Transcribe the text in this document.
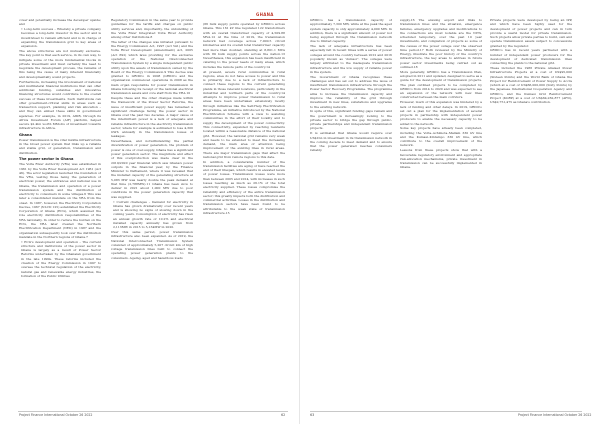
GHANA

cover and potentially increase the developer upside; and

• Long-term success – Whereby a private company becomes a long-term investor in the sector and is incentivised to remain efficient and is in charge of expanding the transmission grid to key areas of expansion.

The above structures are not mutually exclusive. The key point is that each service, in its own way, to mitigate some of the more fundamental blocks in private investment and must certainly the need to negotiate the development process, the remains of this being the cause of many inherent financially and developmentally sound projects.

Furthermore, increasing the involvement of national and multilateral financial institutions that can offer additional funding, subsidies and innovative financing structures would contribute to the overall success of these investments. Such institutions can offer government-critical skills in areas such as transaction support, planning and risk allocation – and they can embed these skills in government agencies. For example, in 2019, AfDB, through its Africa Investment Forum (AIF) platform, helped secure $2.4bn worth MMoUs of investment towards infrastructure in Africa.

Ghana

Power transmission is the vital middle infrastructure in the broad power system that links up a reliable and stable grid, or generation, transmission and distribution.

The power sector in Ghana

The Volta River Authority (VRA) was established in 1961 by the Volta River Development Act 1961 (Act 46). The actor legislation launched the foundation of the VRA, vesting those being the generation of electrical power, the entrances and national use in Ghana, the transmission and operation of a power transmission system and the distribution of electricity to consumers in some villages.6 This was later a consolidated mandate on the VRA from the onset. In 1987, however, the Electricity Corporation Decree, 1967 (NLCD 125) established the Electricity Corporation of Ghana (ECG), which assumed the role electricity distribution responsibilities of the VRA nationally. In order to reduce the burden on the ECG, the VRA later created the Northern Electrification Department (NED) in 1987 and the organisation subsequently took over the distribution mandate in the Northern regions of Ghana.7

• ECG's development and operation – The current structure and institutions of the power sector in Ghana is largely as a result of Power Sector Reforms undertaken by the Ghanaian government in the late 1990s. These reforms included the creation of the Energy Commission in 1997 to oversee the technical regulation of the electricity, natural gas and renewable energy industries, the formation of the Public Utilities

Regulatory Commission in the same year to provide guidelines for the tariffs and charges on public utility services and, importantly, the unbundling of the Volta River Integrated Volta River Authority among other Institutions.8

The latter of the changes was initiated pursuant to the Energy Commission Act, 1997 (Act 541) and the Volta River Development (Amendment) Act, 2005 (Act 692) which laws providing for the exclusive operation of the National Interconnected Transmission System by a single independent public utility upon the assets of transmission owned by the Board of the Energy Commission.9 This decree was granted to GRIDCo in 2008 (GRIDCo and the organisation commenced operations in 2008 as the main organ responsible for power transmission in Ghana following its receipt of the national electrical transmission assets and core staff from the VRA.10

Despite these and the other changes made within the framework of the Power Sector Reforms, the issue of insufficient power supply has remained a significant challenge facing the power sector in Ghana over the past two decades. A major cause of the intermittent power is a lack of adequate and reliable infrastructure in the electricity transmission sector, where for example is estimated to lose 4,300 GWh annually in the transmission losses of leakages.

Nevertheless, and notwithstanding the partial diversification of power generation, the problem of power is one of over-supply, Ghana has a significant power generation sector. The magnitude and effect of this overproduction was made clear in the 2019/2020 year financial which saw Ghana's power outputs in the financial year, by the Finance Minister to Parliament, where it was revealed that the installed capacity of the generating structure at 5,083 MW was nearly double the peak demand at that time (2,788MW).11 Ghana has been slow to deliver in 2021 about 1,000 MW due to poor conditions in the power generation capacity that was supplied.

• Current challenges – Demand for electricity in Ghana has grown dramatically over recent years and is showing no signs of slowing down in the coming years. Consumption of electricity has risen an annual growth rate of 10.2% and electrical installed capacity annually has grown from 2,113MW in 2015 to 5,134MW in 2020.

Over this same period, power transmission infrastructure also been expanded. As of 2019, the National Interconnected Transmission System consisted of approximately 5,207 circuit km of high voltage transmission lines built to connect the operating power generation plants to the consumers. Ageing, aged and hazardous loads

(66 bulk supply points operated by GRIDCo across Ghana. This 161 kV line regulated 122 transformers with an overall transformer capacity of 4,509.88 MVA.12 At the time of 2019, the transmission network had coverage across 7,000.5 circuit kilometres and its overall total transformer capacity had more than doubled, standing at 8,801.1 MVA with 89 bulk supply points across the nation.13 Nevertheless, this expansion has been insufficient in catering to the power needs of many areas, which includes the remote parts of the country.14

At present, severe rural communities in rural regions, area do not have access to power and this is primarily due to a lack of infrastructure to connect these regions to the current generating plants in those relevant locations, particularly in the industrial and northern parts of the country.14 Attempts to improve power transmission to rural areas have been undertaken extensively mostly through initiatives like the Self-Help Electrification Programme, an initiative introduced by the National Electrification Scheme with a view to assisting communities in the effort of their locality and to supply the development of the power connectivity. This connectivity, expanded by reaching residents located within a reasonable distance of the national grid. However, the national grid remains very weak and needs to be extended to meet the increasing demand, the main area of attention being improvement of the existing lines in rural areas. There are major transmission gaps that affect the national grid from remote regions to this date.

In addition, a considerable number of the transmission facilities are aging or have reached the end of their lifespan, which results in elevated levels of power losses. Transmission losses were more than between 2005 and 2014, with increases in such losses reaching as much as 26.1% of the total electricity supplied. These losses compromise the reliability and efficiency of the entire transmission sector; this greatly impacts both the distribution and commercial activities. Losses in the distribution and transmission sectors have been found to be attributable to the weak state of transmission infrastructure.15

Project Finance International October 26 2022	62

GRIDCo has a transmission capacity of approximately 7,300 MW, while at the peak the aged system capacity is only approximately 4,000 MW. In addition, there is a significant amount of power not being supplied through the transmission network due to limited capacity.

The lack of adequate infrastructure has been especially felt in recent times with a series of power outages around the country between 2012 and 2016 popularly known as 'dumsor'. The outages were largely attributed to the inadequate transmission infrastructure and the low supply of reliable power in the system.

The Government of Ghana recognises these challenges and has set out to address the issue of insufficient transmission infrastructure through the Power Sector Recovery Programme. The programme aims to increase the transmission capacity and improve the reliability of the grid through investment in new lines, substations and upgrades to the existing network.

In spite of this, significant funding gaps remain and the government is increasingly looking to the private sector to bridge the gap through public-private partnerships and independent transmission projects.

It is estimated that Ghana would require over US$1bn in investment in its transmission network in the coming decade to meet demand and to ensure that the power generated reaches consumers reliably.

supply.16 The ensuing export and links to transmission lines and the situation, emergence failures, emergency upgrades and modifications to the connections are most notable are the NITS, scheduled temporary, over the past 10 year investments, and completion of projects so some of the causes of the power outage over the observed time period.17 Both reviewed by the Ministry of Energy, illustrate the poor history of the country's infrastructure, the key areas to address in future power sector investments being carried out as outlined.18

More generally, GRIDCo has a Transmission Plan, adopted in 2011 and updated, designed to serve as a guide for the development of transmission projects. The plan outlined projects to be completed by GRIDCo from 2014 to 2020 and was expected to see an expansion of the network with new lines constructed between the main corridors.

However, much of this expansion was hindered by a lack of funding and other delays. In 2019, GRIDCo set out a plan for the implementation of several projects in partnership with independent power producers to enable the necessary capacity to be added to the network.

Some key projects have already been completed, including the Volta–Achimota–Mallam 330 kV line and the Kumasi–Kintampo 330 kV line, which contribute to the overall improvement of the network.

Lessons from these projects show that with a favourable regulatory environment and appropriate risk-allocation mechanisms, private investment in transmission can be successfully implemented in Ghana.

Private projects were developed by being an IPP, and which have been highly used for the development of power projects and can in turn provide a useful model for private transmission. Such projects allow private parties to build, own and operate transmission assets subject to concessions granted by the regulator.

GRIDCo has in recent years partnered with a number of independent power producers for the development of dedicated transmission lines connecting the plants to the national grid.

These included the 1986 Private Aliaised Power Infrastructure Projects at a cost of US$95,000 (Sixteen Points) and the World Bank of Ghana the Project for Reinforcement of Power Supply to Accra (which at a cost of US$66,000,000 (Sixty Points) by the Japanese International Cooperation Agency and GRIDCo, and the Kumasi Grid Reinforcement Project (KGRP) at a cost of US$64,262,877 (AFD), US$2,751,475 as Ghana's contribution.

63	Project Finance International October 26 2022
